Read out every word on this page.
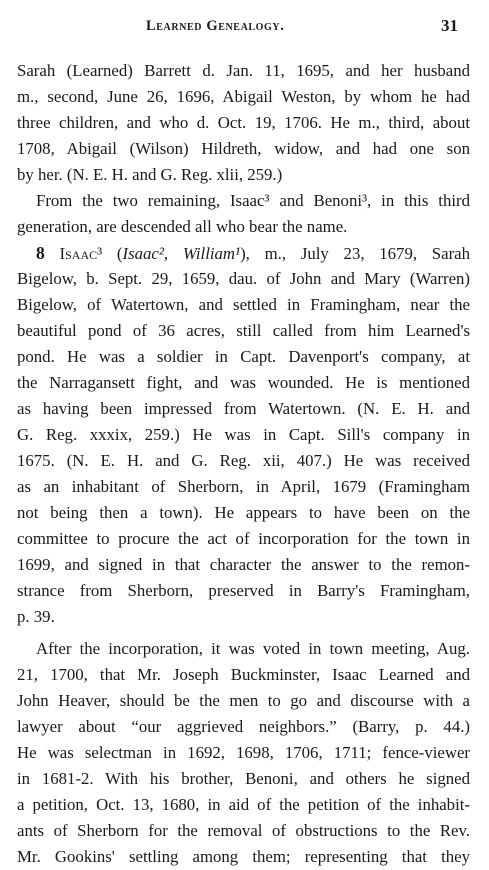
Learned Genealogy.	31
Sarah (Learned) Barrett d. Jan. 11, 1695, and her husband
m., second, June 26, 1696, Abigail Weston, by whom he had
three children, and who d. Oct. 19, 1706. He m., third, about
1708, Abigail (Wilson) Hildreth, widow, and had one son
by her. (N. E. H. and G. Reg. xlii, 259.)
From the two remaining, Isaac³ and Benoni³, in this third
generation, are descended all who bear the name.
8 Isaac³ (Isaac², William¹), m., July 23, 1679, Sarah
Bigelow, b. Sept. 29, 1659, dau. of John and Mary (Warren)
Bigelow, of Watertown, and settled in Framingham, near the
beautiful pond of 36 acres, still called from him Learned's
pond. He was a soldier in Capt. Davenport's company, at
the Narragansett fight, and was wounded. He is mentioned
as having been impressed from Watertown. (N. E. H. and
G. Reg. xxxix, 259.) He was in Capt. Sill's company in
1675. (N. E. H. and G. Reg. xii, 407.) He was received
as an inhabitant of Sherborn, in April, 1679 (Framingham
not being then a town). He appears to have been on the
committee to procure the act of incorporation for the town in
1699, and signed in that character the answer to the remon-
strance from Sherborn, preserved in Barry's Framingham,
p. 39.
After the incorporation, it was voted in town meeting, Aug.
21, 1700, that Mr. Joseph Buckminster, Isaac Learned and
John Heaver, should be the men to go and discourse with a
lawyer about “our aggrieved neighbors.” (Barry, p. 44.)
He was selectman in 1692, 1698, 1706, 1711; fence-viewer
in 1681-2. With his brother, Benoni, and others he signed
a petition, Oct. 13, 1680, in aid of the petition of the inhabit-
ants of Sherborn for the removal of obstructions to the Rev.
Mr. Gookins' settling among them; representing that they
